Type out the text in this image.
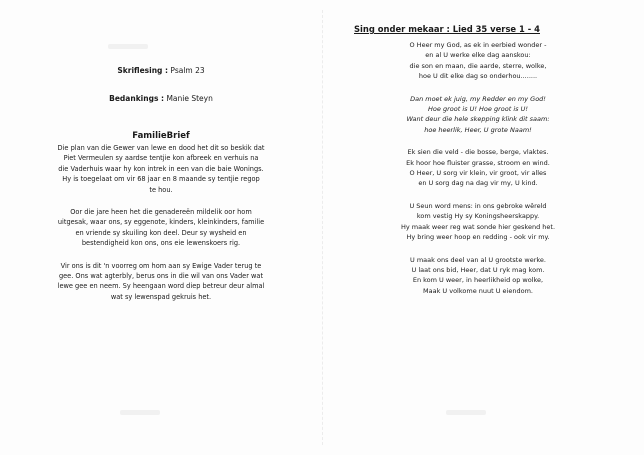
Skriflesing : Psalm 23

Bedankings : Manie Steyn

FamilieBrief

Die plan van die Gewer van lewe en dood het dit so beskik dat
Piet Vermeulen sy aardse tentjie kon afbreek en verhuis na
die Vaderhuis waar hy kon intrek in een van die baie Wonings.
Hy is toegelaat om vir 68 jaar en 8 maande sy tentjie regop
te hou.

Oor die jare heen het die genadereën mildelik oor hom
uitgesak, waar ons, sy eggenote, kinders, kleinkinders, familie
en vriende sy skuiling kon deel. Deur sy wysheid en
bestendigheid kon ons, ons eie lewenskoers rig.

Vir ons is dit 'n voorreg om hom aan sy Ewige Vader terug te
gee. Ons wat agterbly, berus ons in die wil van ons Vader wat
lewe gee en neem. Sy heengaan word diep betreur deur almal
wat sy lewenspad gekruis het.

Sing onder mekaar : Lied 35 verse 1 - 4

O Heer my God, as ek in eerbied wonder -
en al U werke elke dag aanskou:
die son en maan, die aarde, sterre, wolke,
hoe U dit elke dag so onderhou........

Dan moet ek juig, my Redder en my God!
Hoe groot is U! Hoe groot is U!
Want deur die hele skepping klink dit saam:
hoe heerlik, Heer, U grote Naam!

Ek sien die veld - die bosse, berge, vlaktes.
Ek hoor hoe fluister grasse, stroom en wind.
O Heer, U sorg vir klein, vir groot, vir alles
en U sorg dag na dag vir my, U kind.

U Seun word mens: in ons gebroke wêreld
kom vestig Hy sy Koningsheerskappy.
Hy maak weer reg wat sonde hier geskend het.
Hy bring weer hoop en redding - ook vir my.

U maak ons deel van al U grootste werke.
U laat ons bid, Heer, dat U ryk mag kom.
En kom U weer, in heerlikheid op wolke,
Maak U volkome nuut U eiendom.
